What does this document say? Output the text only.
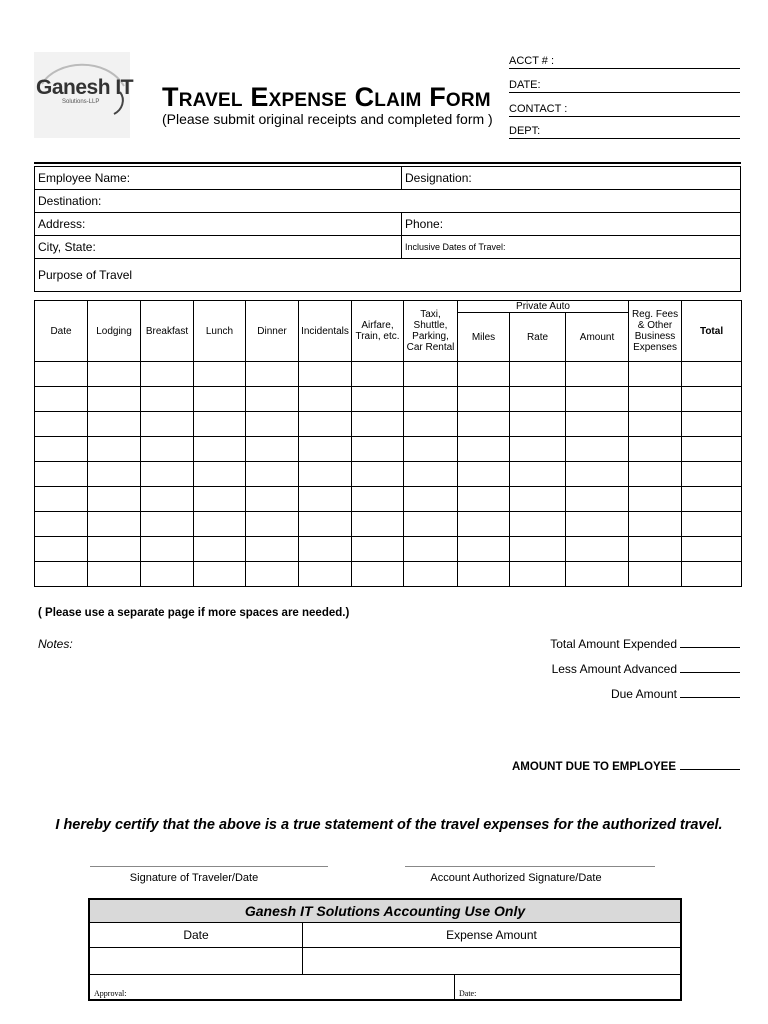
Ganesh IT
Solutions-LLP Travel Expense Claim Form
(Please submit original receipts and completed form )
ACCT # :
DATE:
CONTACT :
DEPT:
Employee Name:	Designation:
Destination:	
Address:	Phone:
City, State:	Inclusive Dates of Travel:
Purpose of Travel	
Date	Lodging	Breakfast	Lunch	Dinner	Incidentals	Airfare, Train, etc.	Taxi, Shuttle, Parking, Car Rental	Private Auto			Reg. Fees & Other Business Expenses	Total
								Miles	Rate	Amount		

( Please use a separate page if more spaces are needed.)
Notes:	Total Amount Expended
Less Amount Advanced
Due Amount
AMOUNT DUE TO EMPLOYEE
I hereby certify that the above is a true statement of the travel expenses for the authorized travel.
Signature of Traveler/Date	Account Authorized Signature/Date
Ganesh IT Solutions Accounting Use Only		
Date	Expense Amount	

Approval:		Date:
